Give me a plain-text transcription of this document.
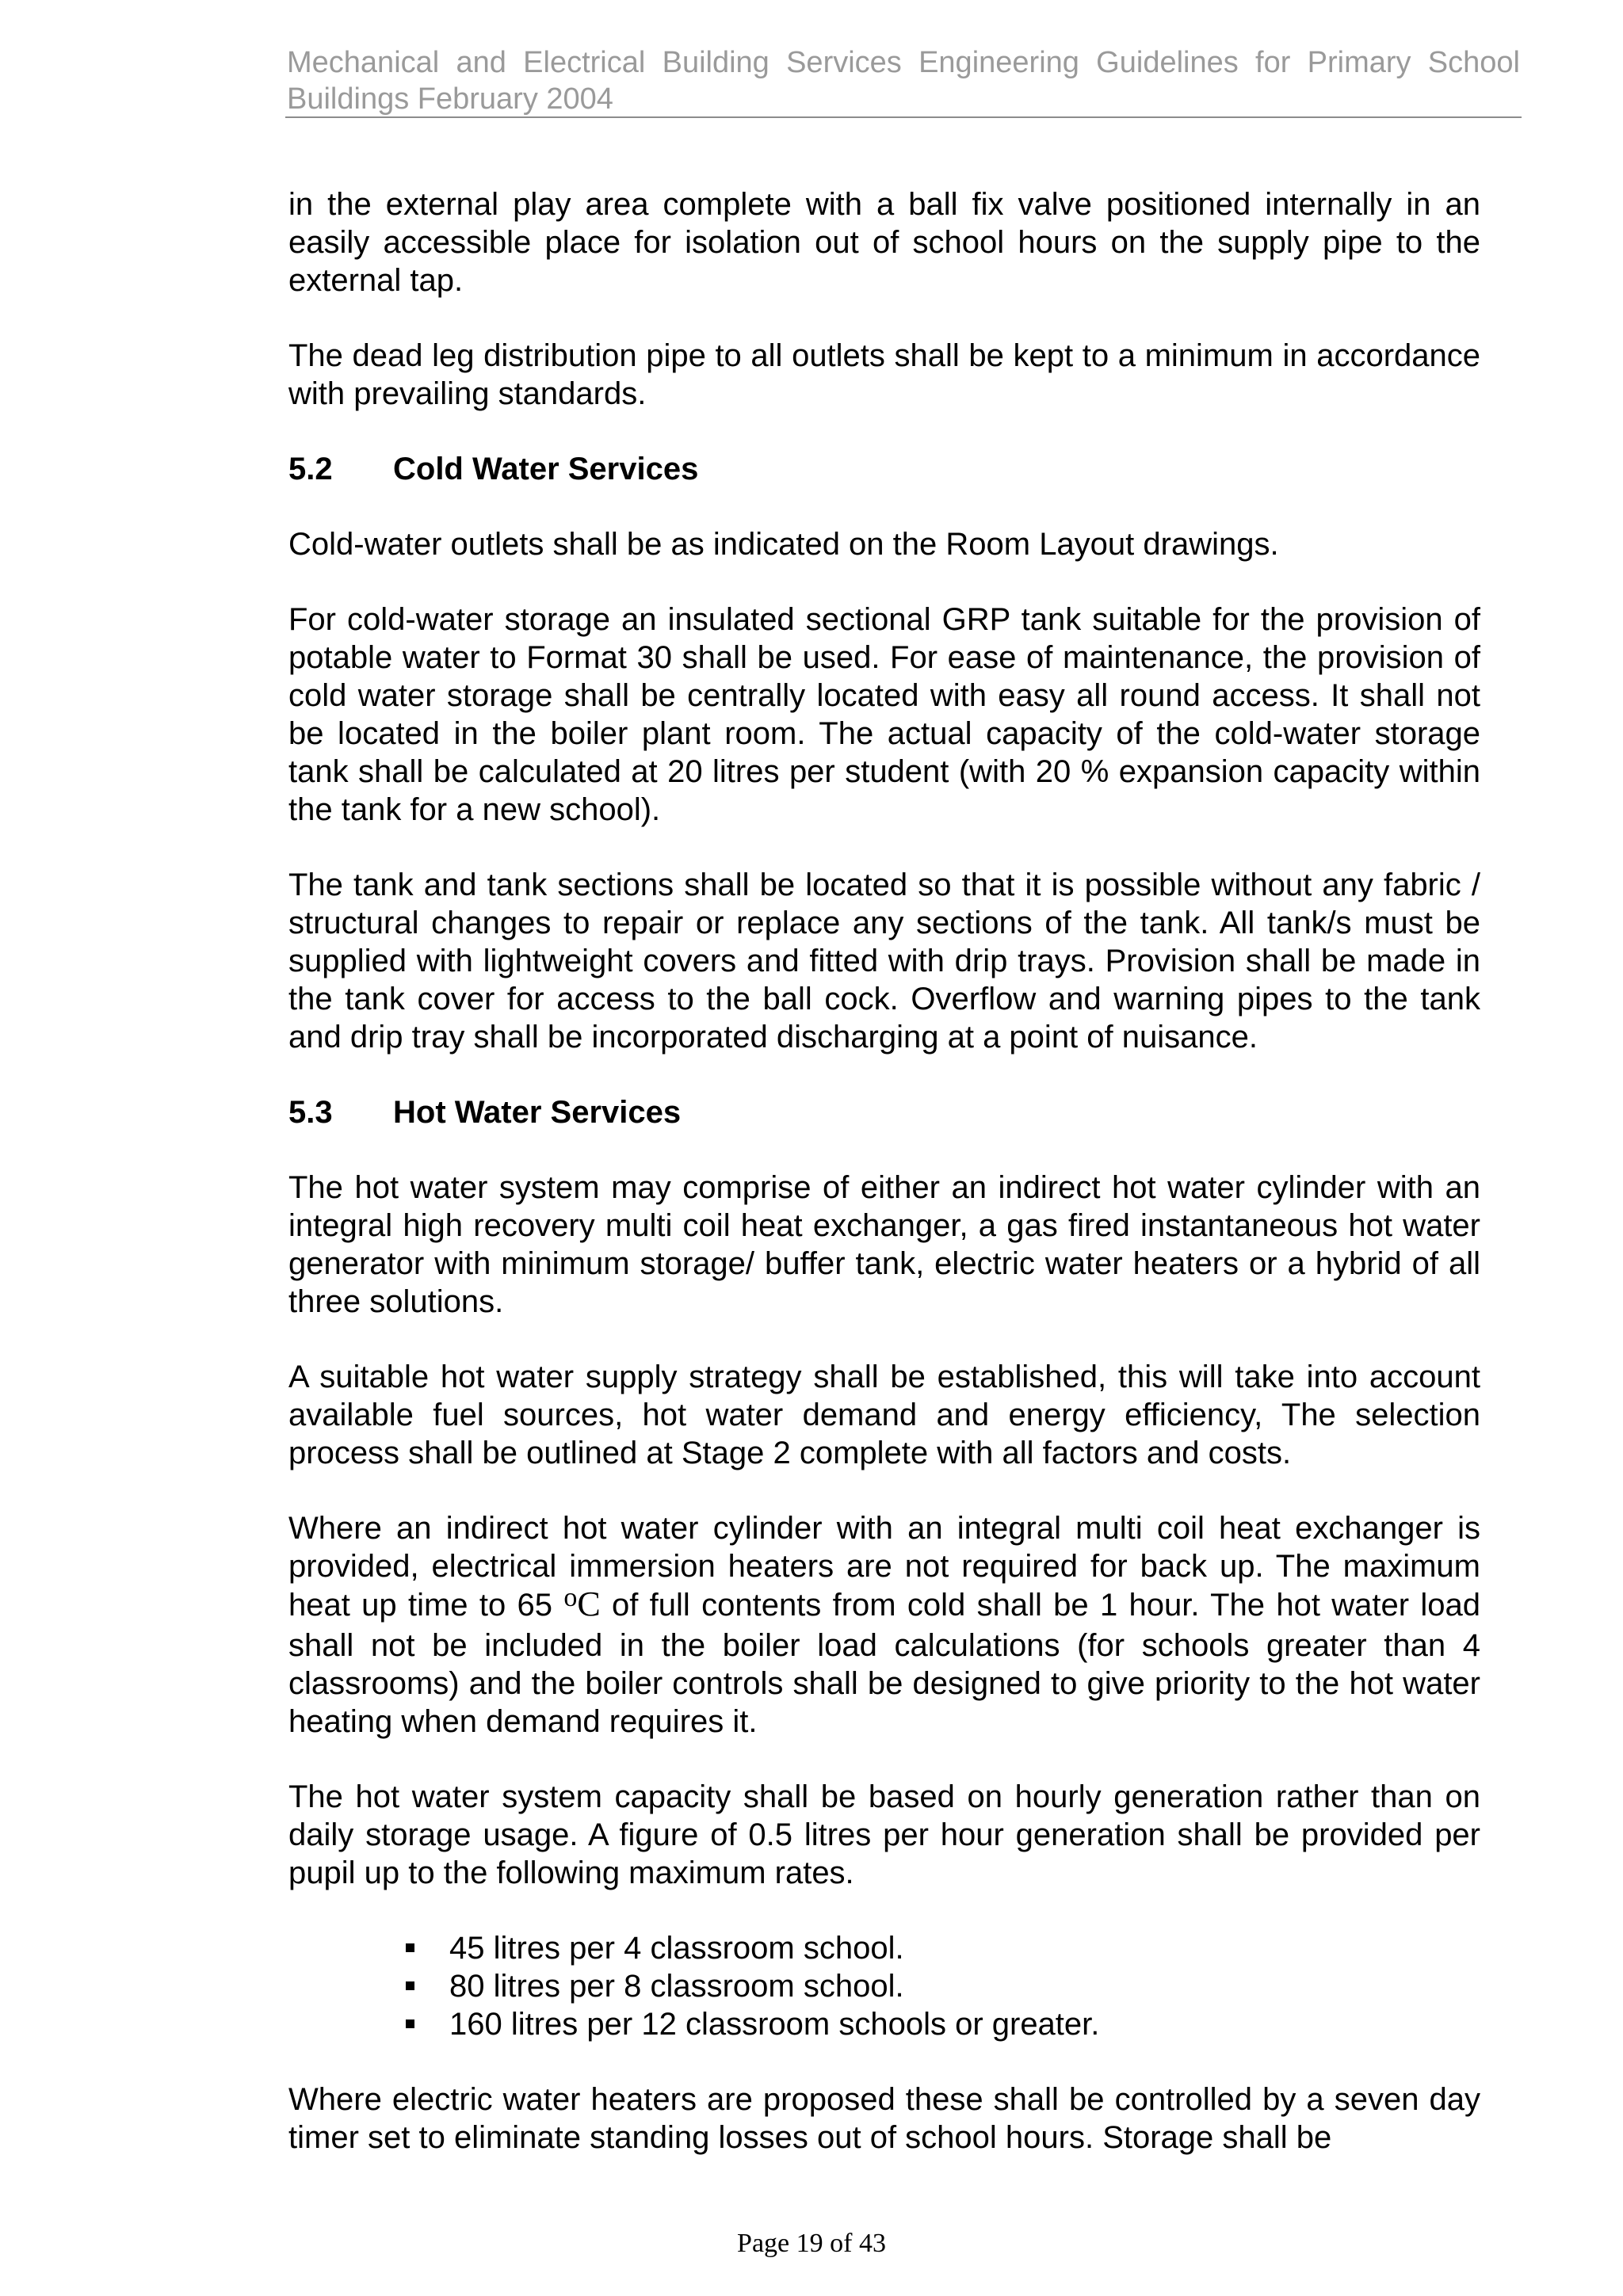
Mechanical and Electrical Building Services Engineering Guidelines for Primary School Buildings February 2004

in the external play area complete with a ball fix valve positioned internally in an easily accessible place for isolation out of school hours on the supply pipe to the external tap.

The dead leg distribution pipe to all outlets shall be kept to a minimum in accordance with prevailing standards.

5.2	Cold Water Services

Cold-water outlets shall be as indicated on the Room Layout drawings.

For cold-water storage an insulated sectional GRP tank suitable for the provision of potable water to Format 30 shall be used. For ease of maintenance, the provision of cold water storage shall be centrally located with easy all round access. It shall not be located in the boiler plant room. The actual capacity of the cold-water storage tank shall be calculated at 20 litres per student (with 20 % expansion capacity within the tank for a new school).

The tank and tank sections shall be located so that it is possible without any fabric / structural changes to repair or replace any sections of the tank. All tank/s must be supplied with lightweight covers and fitted with drip trays. Provision shall be made in the tank cover for access to the ball cock. Overflow and warning pipes to the tank and drip tray shall be incorporated discharging at a point of nuisance.

5.3	Hot Water Services

The hot water system may comprise of either an indirect hot water cylinder with an integral high recovery multi coil heat exchanger, a gas fired instantaneous hot water generator with minimum storage/ buffer tank, electric water heaters or a hybrid of all three solutions.

A suitable hot water supply strategy shall be established, this will take into account available fuel sources, hot water demand and energy efficiency, The selection process shall be outlined at Stage 2 complete with all factors and costs.

Where an indirect hot water cylinder with an integral multi coil heat exchanger is provided, electrical immersion heaters are not required for back up. The maximum heat up time to 65 $^o$C of full contents from cold shall be 1 hour. The hot water load shall not be included in the boiler load calculations (for schools greater than 4 classrooms) and the boiler controls shall be designed to give priority to the hot water heating when demand requires it.

The hot water system capacity shall be based on hourly generation rather than on daily storage usage. A figure of 0.5 litres per hour generation shall be provided per pupil up to the following maximum rates.

45 litres per 4 classroom school.
80 litres per 8 classroom school.
160 litres per 12 classroom schools or greater.

Where electric water heaters are proposed these shall be controlled by a seven day timer set to eliminate standing losses out of school hours. Storage shall be

Page 19 of 43
